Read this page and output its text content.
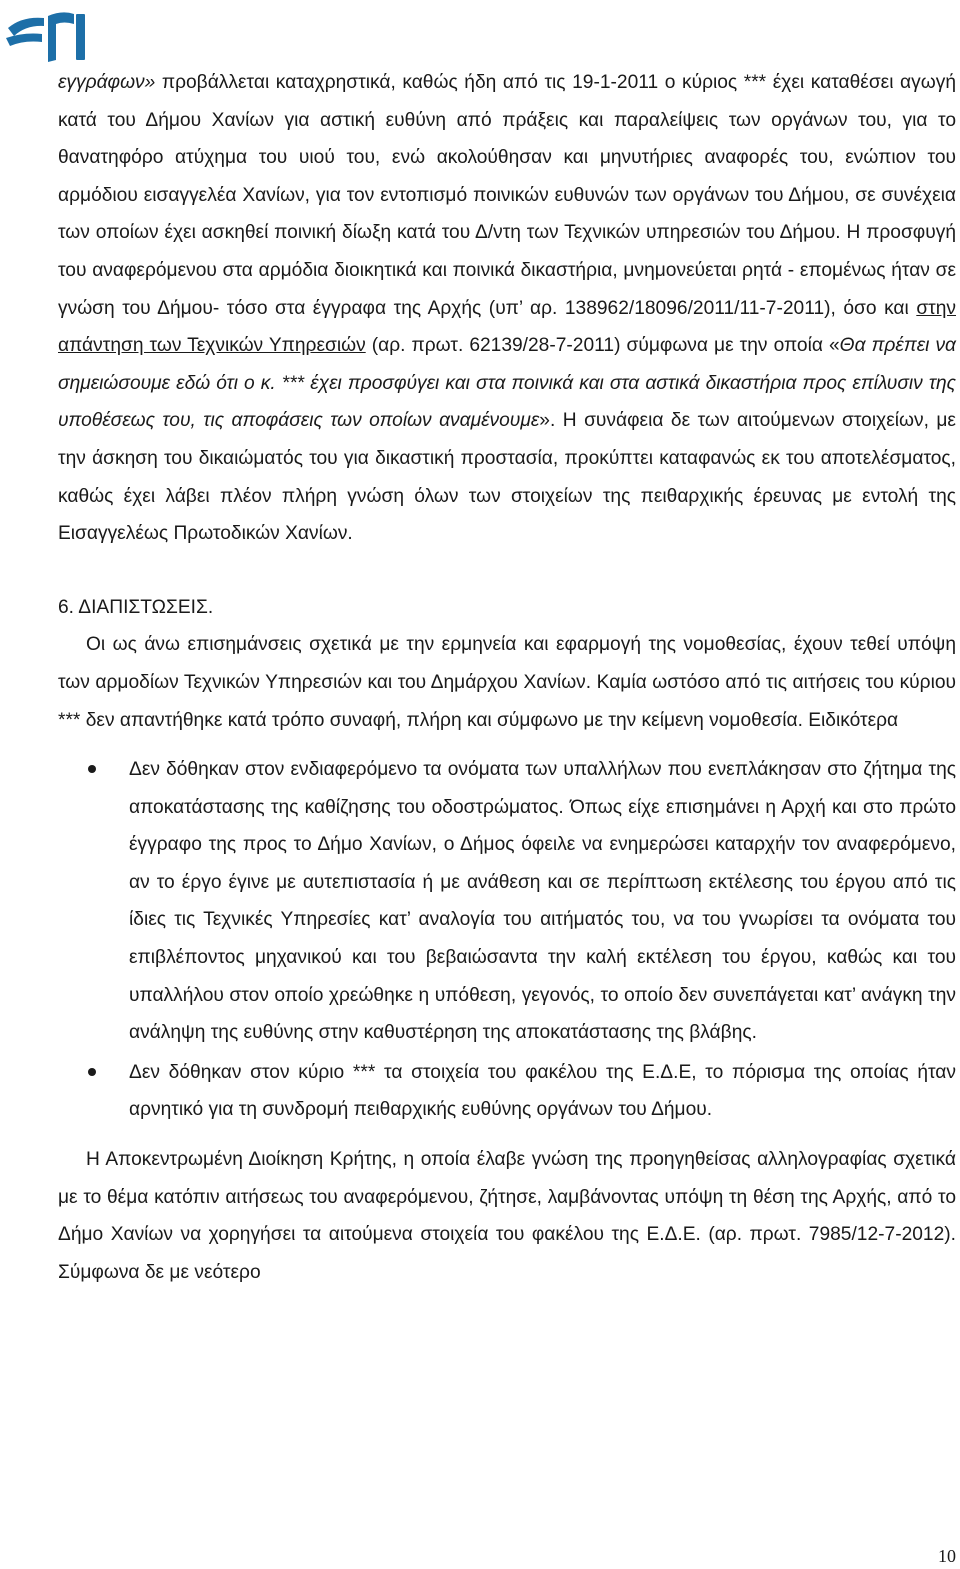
εγγράφων» προβάλλεται καταχρηστικά, καθώς ήδη από τις 19-1-2011 ο κύριος *** έχει καταθέσει αγωγή κατά του Δήμου Χανίων για αστική ευθύνη από πράξεις και παραλείψεις των οργάνων του, για το θανατηφόρο ατύχημα του υιού του, ενώ ακολούθησαν και μηνυτήριες αναφορές του, ενώπιον του αρμόδιου εισαγγελέα Χανίων, για τον εντοπισμό ποινικών ευθυνών των οργάνων του Δήμου, σε συνέχεια των οποίων έχει ασκηθεί ποινική δίωξη κατά του Δ/ντη των Τεχνικών υπηρεσιών του Δήμου. Η προσφυγή του αναφερόμενου στα αρμόδια διοικητικά και ποινικά δικαστήρια, μνημονεύεται ρητά - επομένως ήταν σε γνώση του Δήμου- τόσο στα έγγραφα της Αρχής (υπ’ αρ. 138962/18096/2011/11-7-2011), όσο και στην απάντηση των Τεχνικών Υπηρεσιών (αρ. πρωτ. 62139/28-7-2011) σύμφωνα με την οποία «Θα πρέπει να σημειώσουμε εδώ ότι ο κ. *** έχει προσφύγει και στα ποινικά και στα αστικά δικαστήρια προς επίλυσιν της υποθέσεως του, τις αποφάσεις των οποίων αναμένουμε». Η συνάφεια δε των αιτούμενων στοιχείων, με την άσκηση του δικαιώματός του για δικαστική προστασία, προκύπτει καταφανώς εκ του αποτελέσματος, καθώς έχει λάβει πλέον πλήρη γνώση όλων των στοιχείων της πειθαρχικής έρευνας με εντολή της Εισαγγελέως Πρωτοδικών Χανίων.

6. ΔΙΑΠΙΣΤΩΣΕΙΣ.

Οι ως άνω επισημάνσεις σχετικά με την ερμηνεία και εφαρμογή της νομοθεσίας, έχουν τεθεί υπόψη των αρμοδίων Τεχνικών Υπηρεσιών και του Δημάρχου Χανίων. Καμία ωστόσο από τις αιτήσεις του κύριου *** δεν απαντήθηκε κατά τρόπο συναφή, πλήρη και σύμφωνο με την κείμενη νομοθεσία. Ειδικότερα

Δεν δόθηκαν στον ενδιαφερόμενο τα ονόματα των υπαλλήλων που ενεπλάκησαν στο ζήτημα της αποκατάστασης της καθίζησης του οδοστρώματος. Όπως είχε επισημάνει η Αρχή και στο πρώτο έγγραφο της προς το Δήμο Χανίων, ο Δήμος όφειλε να ενημερώσει καταρχήν τον αναφερόμενο, αν το έργο έγινε με αυτεπιστασία ή με ανάθεση και σε περίπτωση εκτέλεσης του έργου από τις ίδιες τις Τεχνικές Υπηρεσίες κατ’ αναλογία του αιτήματός του, να του γνωρίσει τα ονόματα του επιβλέποντος μηχανικού και του βεβαιώσαντα την καλή εκτέλεση του έργου, καθώς και του υπαλλήλου στον οποίο χρεώθηκε η υπόθεση, γεγονός, το οποίο δεν συνεπάγεται κατ’ ανάγκη την ανάληψη της ευθύνης στην καθυστέρηση της αποκατάστασης της βλάβης.

Δεν δόθηκαν στον κύριο *** τα στοιχεία του φακέλου της Ε.Δ.Ε, το πόρισμα της οποίας ήταν αρνητικό για τη συνδρομή πειθαρχικής ευθύνης οργάνων του Δήμου.

Η Αποκεντρωμένη Διοίκηση Κρήτης, η οποία έλαβε γνώση της προηγηθείσας αλληλογραφίας σχετικά με το θέμα κατόπιν αιτήσεως του αναφερόμενου, ζήτησε, λαμβάνοντας υπόψη τη θέση της Αρχής, από το Δήμο Χανίων να χορηγήσει τα αιτούμενα στοιχεία του φακέλου της Ε.Δ.Ε. (αρ. πρωτ. 7985/12-7-2012). Σύμφωνα δε με νεότερο

10
